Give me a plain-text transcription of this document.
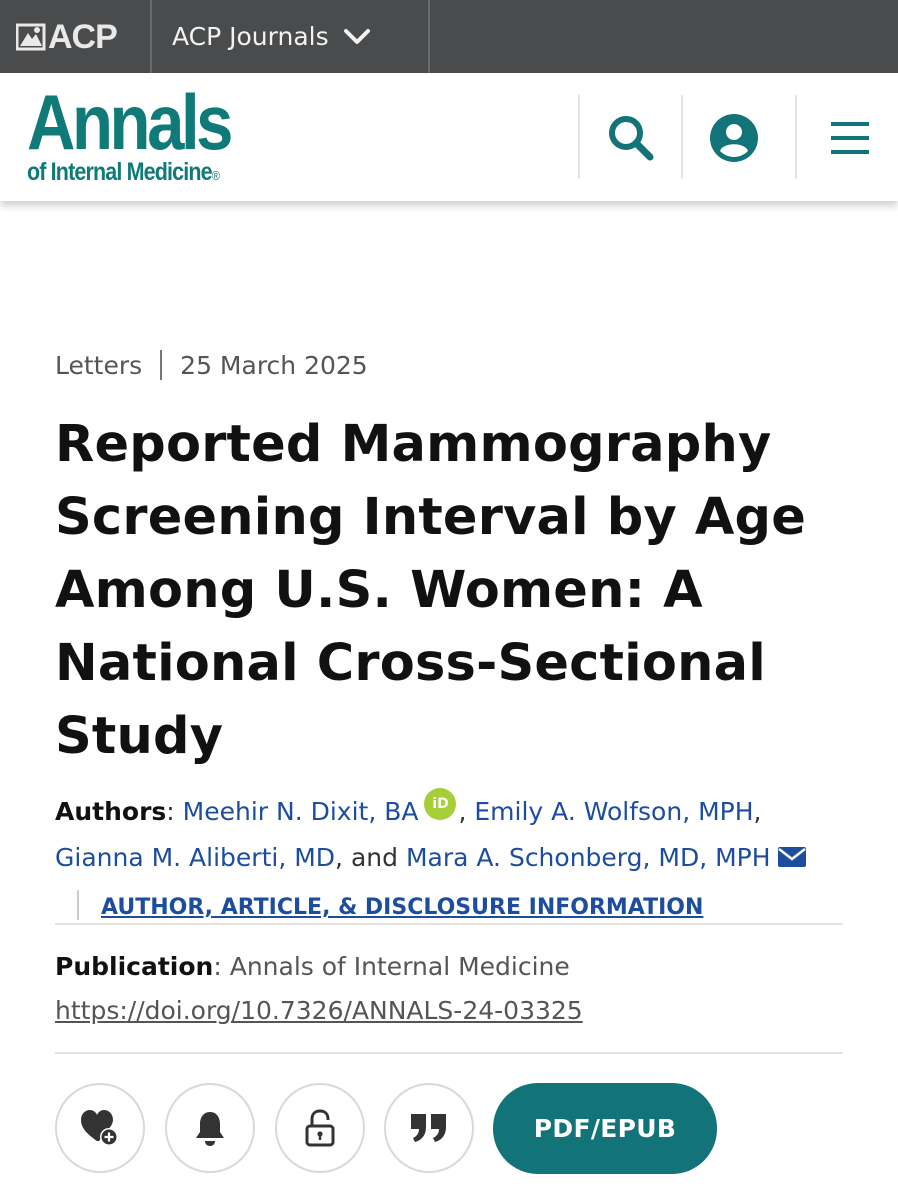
ACP ACP Journals
Annals
of Internal Medicine®
Letters 25 March 2025
Reported Mammography Screening Interval by Age Among U.S. Women: A National Cross-Sectional Study
Authors: Meehir N. Dixit, BA iD , Emily A. Wolfson, MPH, Gianna M. Aliberti, MD, and Mara A. Schonberg, MD, MPHAUTHOR, ARTICLE, & DISCLOSURE INFORMATION
Publication: Annals of Internal Medicine
https://doi.org/10.7326/ANNALS-24-03325
PDF/EPUB
